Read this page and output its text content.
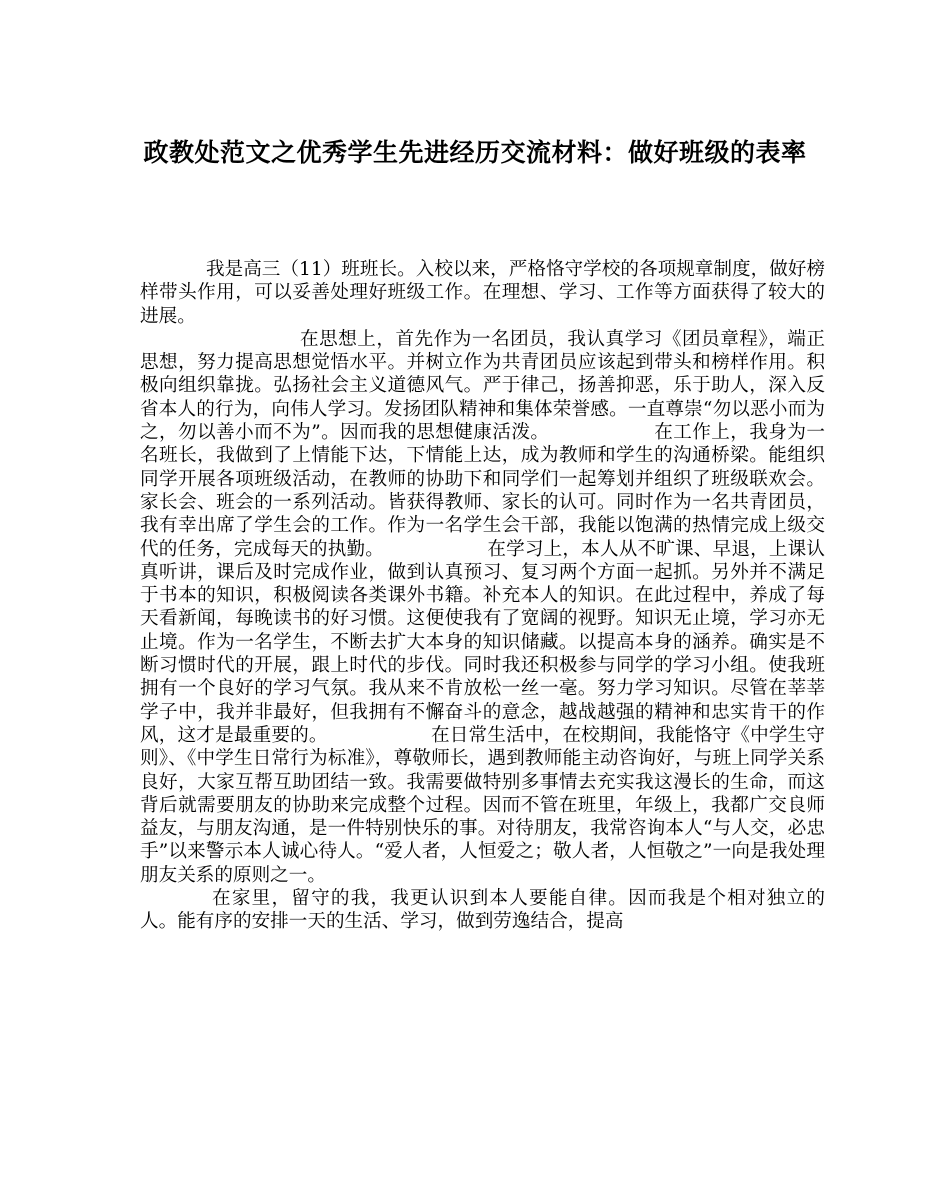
政教处范文之优秀学生先进经历交流材料：做好班级的表率

我是高三（11）班班长。入校以来，严格恪守学校的各项规章制度，做好榜样带头作用，可以妥善处理好班级工作。在理想、学习、工作等方面获得了较大的进展。

在思想上，首先作为一名团员，我认真学习《团员章程》，端正思想，努力提高思想觉悟水平。并树立作为共青团员应该起到带头和榜样作用。积极向组织靠拢。弘扬社会主义道德风气。严于律己，扬善抑恶，乐于助人，深入反省本人的行为，向伟人学习。发扬团队精神和集体荣誉感。一直尊崇“勿以恶小而为之，勿以善小而不为”。因而我的思想健康活泼。　　　　　　在工作上，我身为一名班长，我做到了上情能下达，下情能上达，成为教师和学生的沟通桥梁。能组织同学开展各项班级活动，在教师的协助下和同学们一起筹划并组织了班级联欢会。家长会、班会的一系列活动。皆获得教师、家长的认可。同时作为一名共青团员，我有幸出席了学生会的工作。作为一名学生会干部，我能以饱满的热情完成上级交代的任务，完成每天的执勤。　　　　　　在学习上，本人从不旷课、早退，上课认真听讲，课后及时完成作业，做到认真预习、复习两个方面一起抓。另外并不满足于书本的知识，积极阅读各类课外书籍。补充本人的知识。在此过程中，养成了每天看新闻，每晚读书的好习惯。这便使我有了宽阔的视野。知识无止境，学习亦无止境。作为一名学生，不断去扩大本身的知识储藏。以提高本身的涵养。确实是不断习惯时代的开展，跟上时代的步伐。同时我还积极参与同学的学习小组。使我班拥有一个良好的学习气氛。我从来不肯放松一丝一毫。努力学习知识。尽管在莘莘学子中，我并非最好，但我拥有不懈奋斗的意念，越战越强的精神和忠实肯干的作风，这才是最重要的。　　　　　　在日常生活中，在校期间，我能恪守《中学生守则》、《中学生日常行为标准》，尊敬师长，遇到教师能主动咨询好，与班上同学关系良好，大家互帮互助团结一致。我需要做特别多事情去充实我这漫长的生命，而这背后就需要朋友的协助来完成整个过程。因而不管在班里，年级上，我都广交良师益友，与朋友沟通，是一件特别快乐的事。对待朋友，我常咨询本人“与人交，必忠手”以来警示本人诚心待人。“爱人者，人恒爱之；敬人者，人恒敬之”一向是我处理朋友关系的原则之一。

在家里，留守的我，我更认识到本人要能自律。因而我是个相对独立的人。能有序的安排一天的生活、学习，做到劳逸结合，提高
